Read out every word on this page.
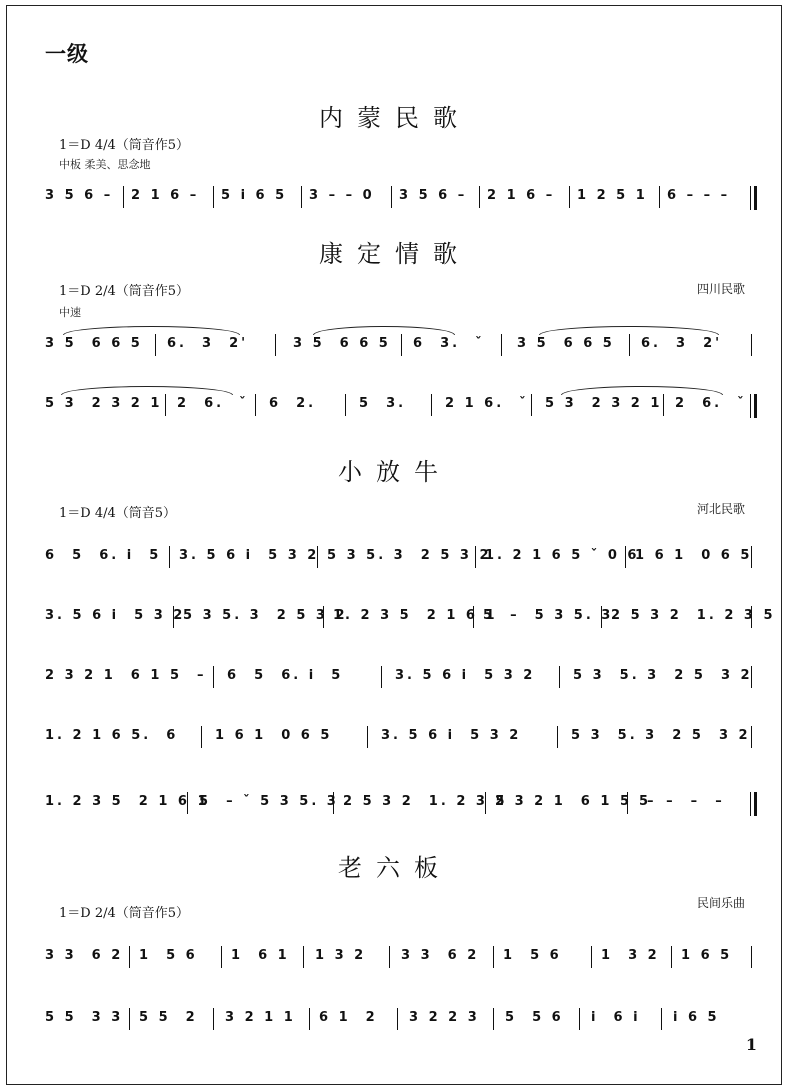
一级
内蒙民歌
1＝D 4/4（筒音作5）
中板 柔美、思念地
3 5 6 –	2 1 6 –	5 i 6 5	3 – – 0	3 5 6 –	2 1 6 –	1 2 5 1	6 – – –
康定情歌
1＝D 2/4（筒音作5）	四川民歌
中速
3 5  6 6 5	6.  3  2'	3 5  6 6 5	6  3.  ˇ	3 5  6 6 5	6.  3  2'
5 3  2 3 2 1	2  6.  ˇ	6  2.	5  3.	2 1 6.  ˇ	5 3  2 3 2 1 2  6.  ˇ
小放牛
1＝D 4/4（筒音5）	河北民歌
6  5  6. i  5	3. 5 6 i  5 3 2 5 3 5. 3  2 5 3 2
1. 2 1 6 5 ˇ 0 6
1 6 1  0 6 5
3. 5 6 i  5 3 2
5 3 5. 3  2 5 3 2
1. 2 3 5  2 1 6 1
5  –  5 3 5. 3
2 5 3 2  1. 2 3 5
2 3 2 1  6 1 5  –	6  5  6. i  5	3. 5 6 i  5 3 2	5 3  5. 3  2 5  3 2
1. 2 1 6 5.  6	1 6 1  0 6 5	3. 5 6 i  5 3 2	5 3  5. 3  2 5  3 2
1. 2 3 5  2 1 6 1
5  – ˇ 5 3 5. 3 2 5 3 2  1. 2 3 5
2 3 2 1  6 1 5  –
5  –  –  –
老六板
1＝D 2/4（筒音作5）
民间乐曲
3 3  6 2	1  5 6	1  6 1	1 3 2	3 3  6 2	1  5 6	1  3 2	1 6 5
5 5  3 3	5 5  2	3 2 1 1	6 1  2	3 2 2 3	5  5 6	i  6 i	i 6 5
1
